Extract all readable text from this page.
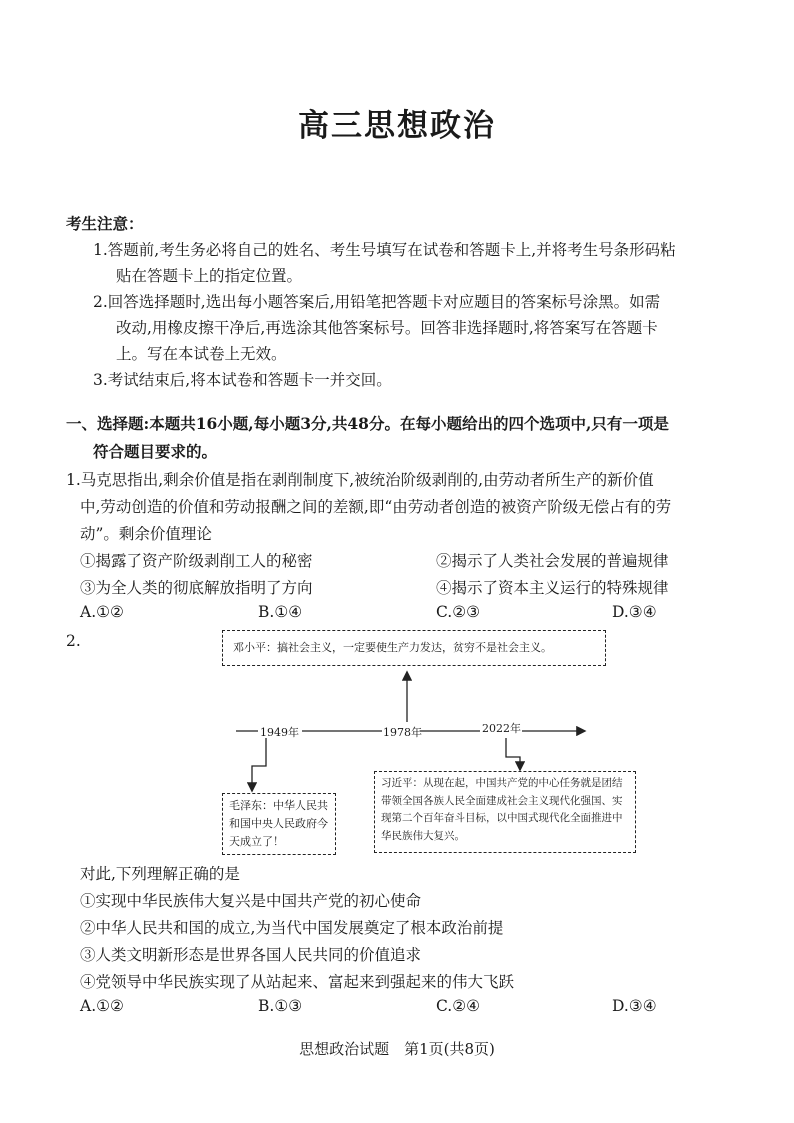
高三思想政治
考生注意：
1.答题前,考生务必将自己的姓名、考生号填写在试卷和答题卡上,并将考生号条形码粘
贴在答题卡上的指定位置。
2.回答选择题时,选出每小题答案后,用铅笔把答题卡对应题目的答案标号涂黑。如需
改动,用橡皮擦干净后,再选涂其他答案标号。回答非选择题时,将答案写在答题卡
上。写在本试卷上无效。
3.考试结束后,将本试卷和答题卡一并交回。
一、选择题:本题共16小题,每小题3分,共48分。在每小题给出的四个选项中,只有一项是
符合题目要求的。
1.马克思指出,剩余价值是指在剥削制度下,被统治阶级剥削的,由劳动者所生产的新价值
中,劳动创造的价值和劳动报酬之间的差额,即“由劳动者创造的被资产阶级无偿占有的劳
动”。剩余价值理论
①揭露了资产阶级剥削工人的秘密	②揭示了人类社会发展的普遍规律
③为全人类的彻底解放指明了方向	④揭示了资本主义运行的特殊规律
A.①②	B.①④	C.②③	D.③④
2.	邓小平：搞社会主义，一定要使生产力发达，贫穷不是社会主义。
1949年	1978年	2022年
毛泽东：中华人民共和国中央人民政府今天成立了！
习近平：从现在起，中国共产党的中心任务就是团结带领全国各族人民全面建成社会主义现代化强国、实现第二个百年奋斗目标，以中国式现代化全面推进中华民族伟大复兴。
对此,下列理解正确的是
①实现中华民族伟大复兴是中国共产党的初心使命
②中华人民共和国的成立,为当代中国发展奠定了根本政治前提
③人类文明新形态是世界各国人民共同的价值追求
④党领导中华民族实现了从站起来、富起来到强起来的伟大飞跃
A.①②	B.①③	C.②④	D.③④
思想政治试题　第1页(共8页)
